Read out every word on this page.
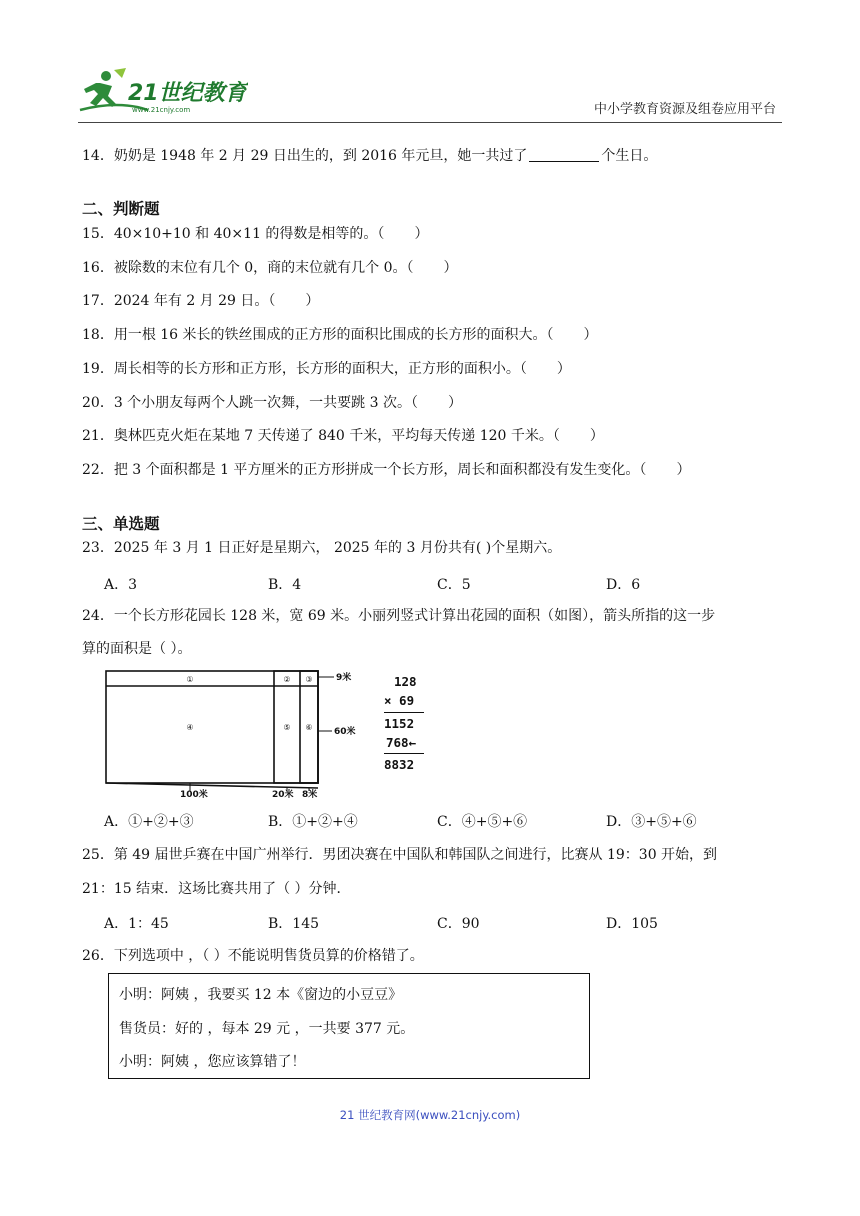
21世纪教育
www.21cnjy.com	中小学教育资源及组卷应用平台
14．奶奶是 1948 年 2 月 29 日出生的，到 2016 年元旦，她一共过了	个生日。
二、判断题
15．40×10+10 和 40×11 的得数是相等的。（ ）
16．被除数的末位有几个 0，商的末位就有几个 0。（ ）
17．2024 年有 2 月 29 日。（ ）
18．用一根 16 米长的铁丝围成的正方形的面积比围成的长方形的面积大。（ ）
19．周长相等的长方形和正方形，长方形的面积大，正方形的面积小。（ ）
20．3 个小朋友每两个人跳一次舞，一共要跳 3 次。（ ）
21．奥林匹克火炬在某地 7 天传递了 840 千米，平均每天传递 120 千米。（ ）
22．把 3 个面积都是 1 平方厘米的正方形拼成一个长方形，周长和面积都没有发生变化。（ ）
三、单选题
23．2025 年 3 月 1 日正好是星期六， 2025 年的 3 月份共有( )个星期六。
A．3	B．4	C．5	D．6
24．一个长方形花园长 128 米，宽 69 米。小丽列竖式计算出花园的面积（如图），箭头所指的这一步
算的面积是（ ）。
①	② ③
④	⑤ ⑥
9米
60米
100米	20米 8米
128
× 69
1152
768←
8832
A．①+②+③	B．①+②+④	C．④+⑤+⑥	D．③+⑤+⑥
25．第 49 届世乒赛在中国广州举行．男团决赛在中国队和韩国队之间进行，比赛从 19：30 开始，到
21：15 结束．这场比赛共用了（ ）分钟．
A．1：45	B．145	C．90	D．105
26．下列选项中 ，（ ）不能说明售货员算的价格错了。
小明：阿姨 ，我要买 12 本《窗边的小豆豆》
售货员：好的 ，每本 29 元 ，一共要 377 元。
小明：阿姨 ，您应该算错了！
21 世纪教育网(www.21cnjy.com)
